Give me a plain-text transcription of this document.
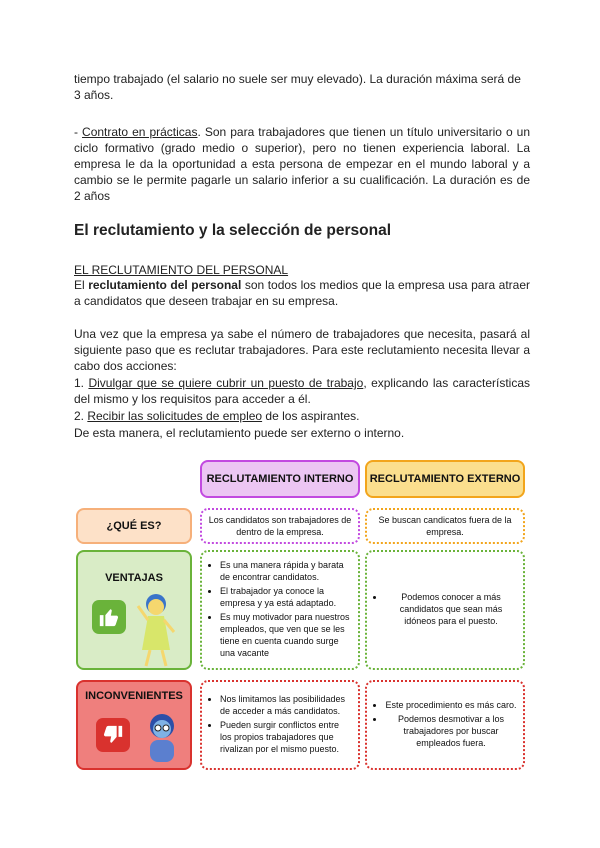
tiempo trabajado (el salario no suele ser muy elevado). La duración máxima será de
3 años.
- Contrato en prácticas. Son para trabajadores que tienen un título universitario o un ciclo formativo (grado medio o superior), pero no tienen experiencia laboral. La empresa le da la oportunidad a esta persona de empezar en el mundo laboral y a cambio se le permite pagarle un salario inferior a su cualificación. La duración es de 2 años
El reclutamiento y la selección de personal
EL RECLUTAMIENTO DEL PERSONAL
El reclutamiento del personal son todos los medios que la empresa usa para atraer a candidatos que deseen trabajar en su empresa.
Una vez que la empresa ya sabe el número de trabajadores que necesita, pasará al siguiente paso que es reclutar trabajadores. Para este reclutamiento necesita llevar a cabo dos acciones:
1. Divulgar que se quiere cubrir un puesto de trabajo, explicando las características del mismo y los requisitos para acceder a él.
2. Recibir las solicitudes de empleo de los aspirantes.
De esta manera, el reclutamiento puede ser externo o interno.
RECLUTAMIENTO INTERNO	RECLUTAMIENTO EXTERNO
¿QUÉ ES?
VENTAJAS
INCONVENIENTES
Los candidatos son trabajadores de dentro de la empresa.
Se buscan candicatos fuera de la empresa.
• Es una manera rápida y barata de encontrar candidatos.
• El trabajador ya conoce la empresa y ya está adaptado.
• Es muy motivador para nuestros empleados, que ven que se les tiene en cuenta cuando surge una vacante
• Podemos conocer a más candidatos que sean más idóneos para el puesto.
• Nos limitamos las posibilidades de acceder a más candidatos.
• Pueden surgir conflictos entre los propios trabajadores que rivalizan por el mismo puesto.
• Este procedimiento es más caro.
• Podemos desmotivar a los trabajadores por buscar empleados fuera.
